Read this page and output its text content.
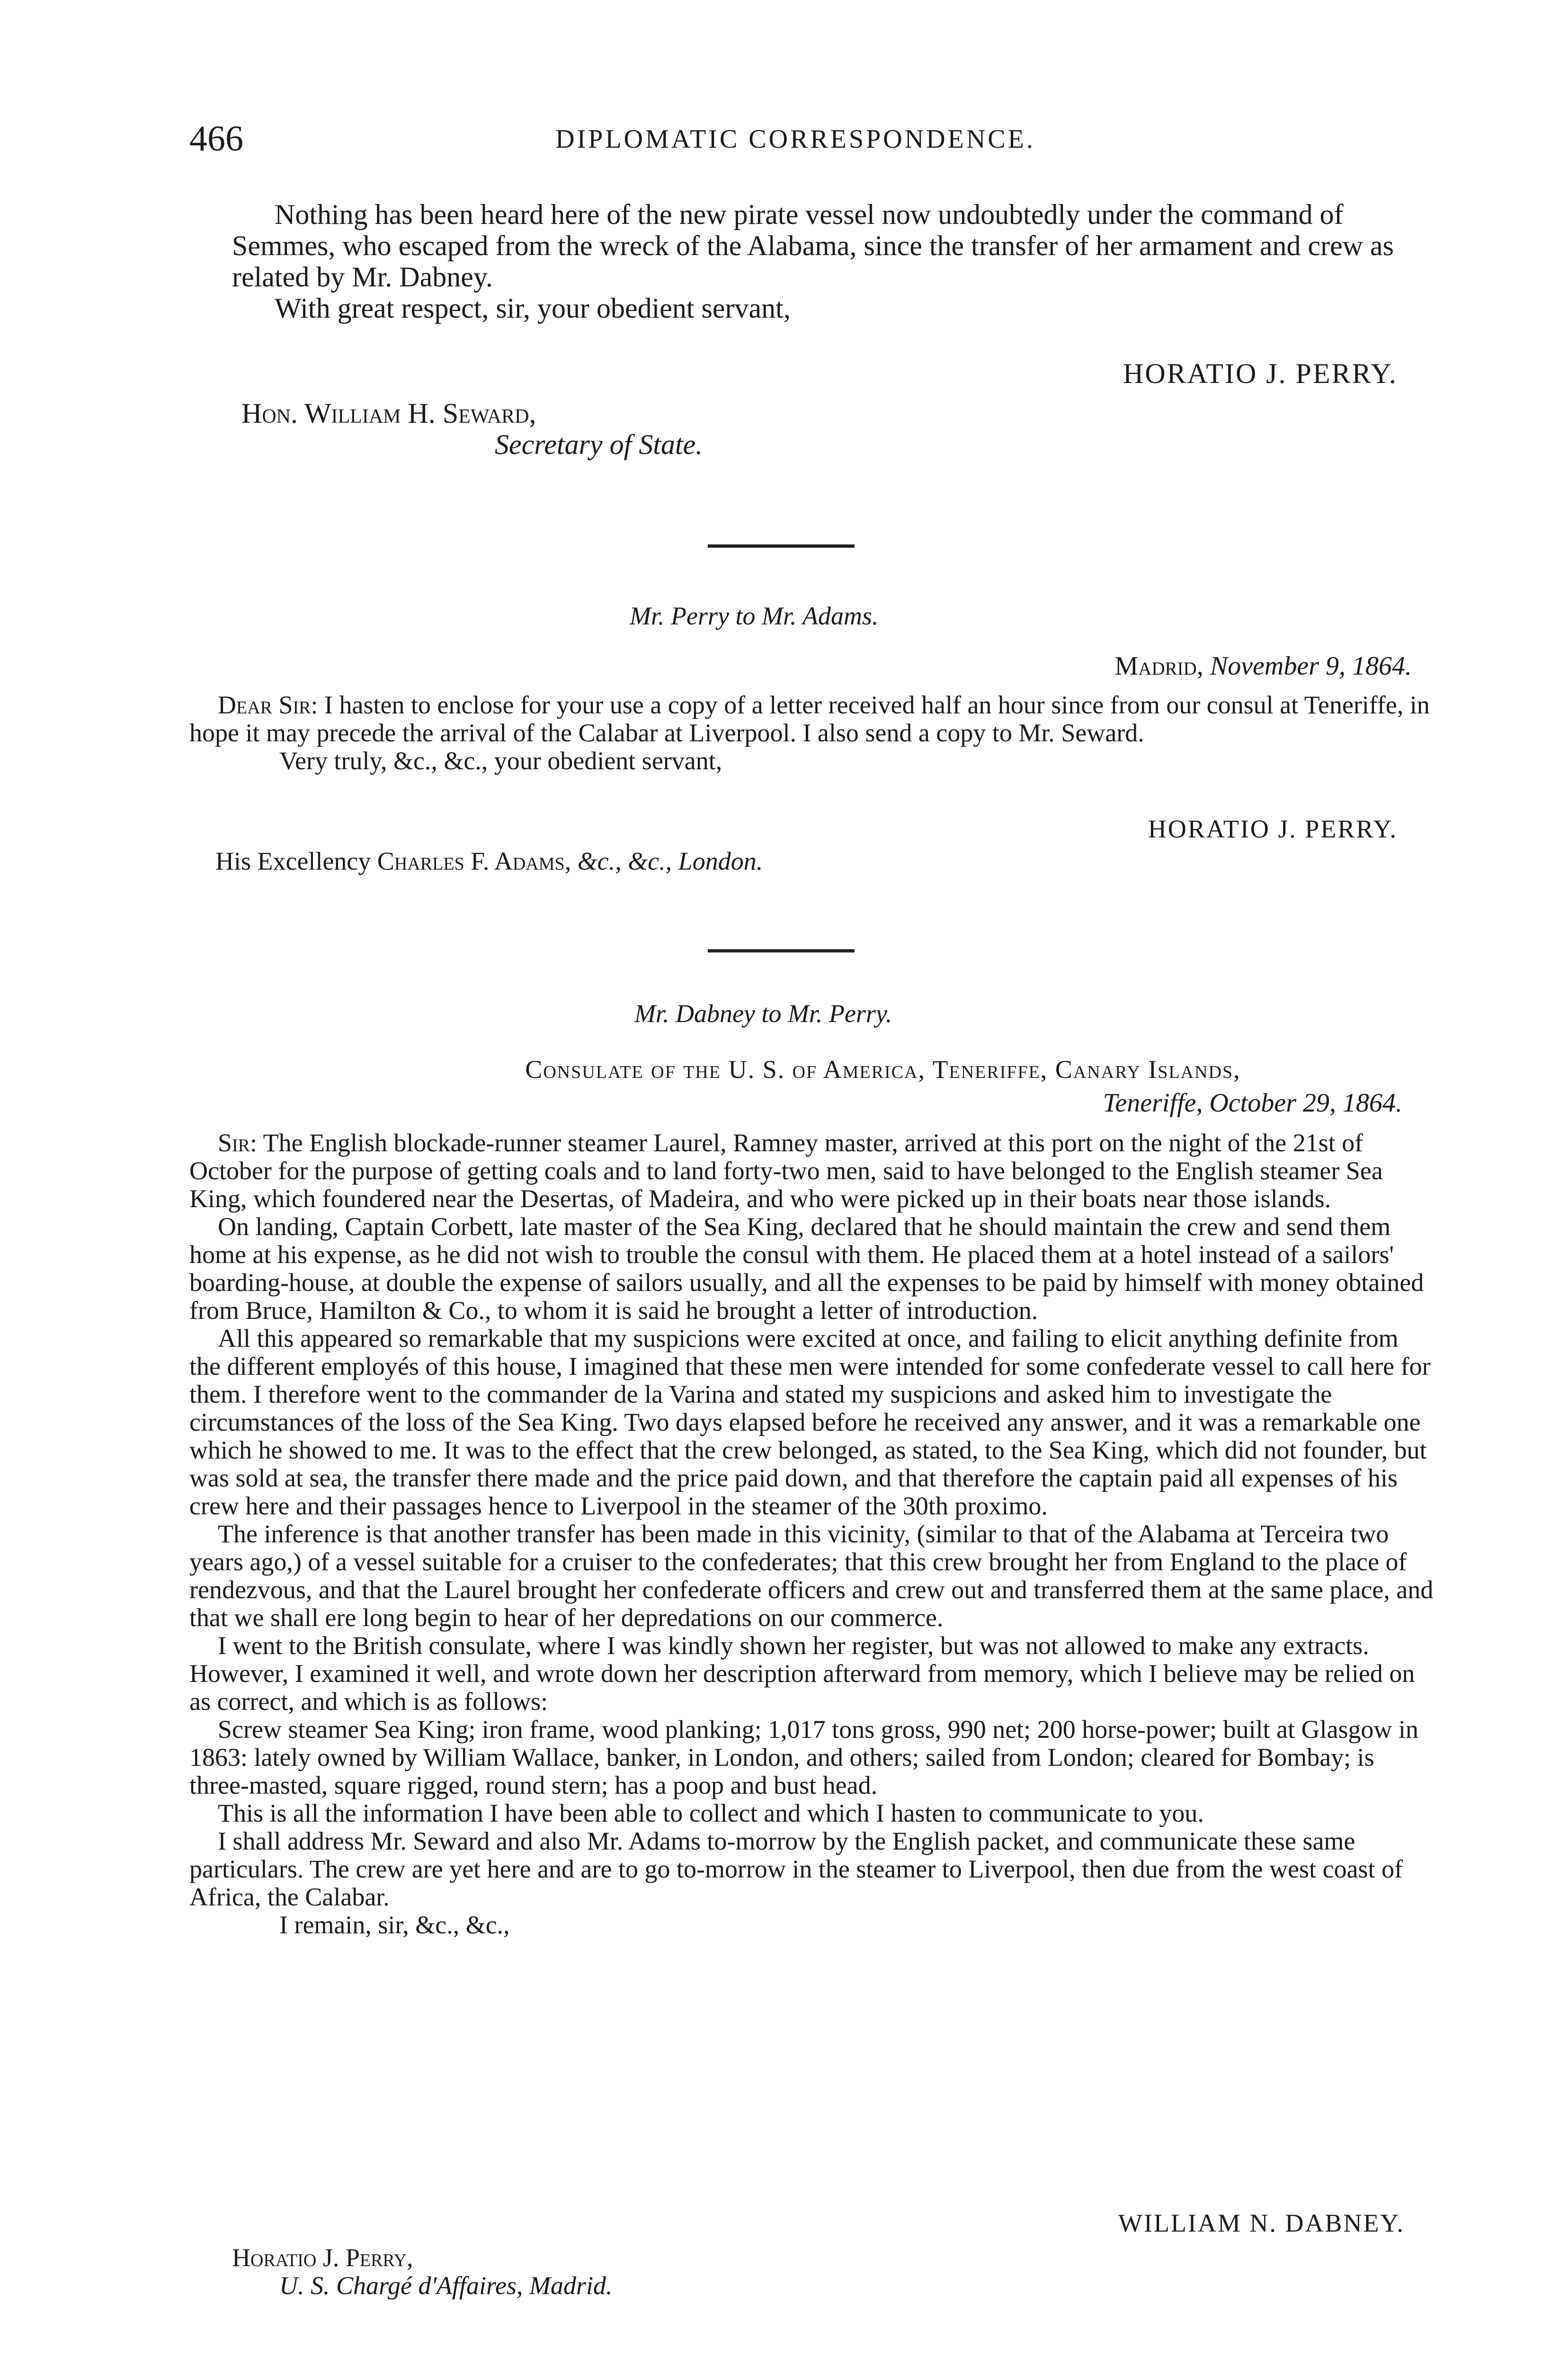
466	DIPLOMATIC CORRESPONDENCE.

Nothing has been heard here of the new pirate vessel now undoubtedly under the command of Semmes, who escaped from the wreck of the Alabama, since the transfer of her armament and crew as related by Mr. Dabney.

With great respect, sir, your obedient servant,

HORATIO J. PERRY.

Hon. William H. Seward,

Secretary of State.

Mr. Perry to Mr. Adams.
Madrid, November 9, 1864.

Dear Sir: I hasten to enclose for your use a copy of a letter received half an hour since from our consul at Teneriffe, in hope it may precede the arrival of the Calabar at Liverpool. I also send a copy to Mr. Seward.

Very truly, &c., &c., your obedient servant,

HORATIO J. PERRY.

His Excellency Charles F. Adams, &c., &c., London.

Mr. Dabney to Mr. Perry.
Consulate of the U. S. of America, Teneriffe, Canary Islands,
Teneriffe, October 29, 1864.

Sir: The English blockade-runner steamer Laurel, Ramney master, arrived at this port on the night of the 21st of October for the purpose of getting coals and to land forty-two men, said to have belonged to the English steamer Sea King, which foundered near the Desertas, of Madeira, and who were picked up in their boats near those islands.

On landing, Captain Corbett, late master of the Sea King, declared that he should maintain the crew and send them home at his expense, as he did not wish to trouble the consul with them. He placed them at a hotel instead of a sailors' boarding-house, at double the expense of sailors usually, and all the expenses to be paid by himself with money obtained from Bruce, Hamilton & Co., to whom it is said he brought a letter of introduction.

All this appeared so remarkable that my suspicions were excited at once, and failing to elicit anything definite from the different employés of this house, I imagined that these men were intended for some confederate vessel to call here for them. I therefore went to the commander de la Varina and stated my suspicions and asked him to investigate the circumstances of the loss of the Sea King. Two days elapsed before he received any answer, and it was a remarkable one which he showed to me. It was to the effect that the crew belonged, as stated, to the Sea King, which did not founder, but was sold at sea, the transfer there made and the price paid down, and that therefore the captain paid all expenses of his crew here and their passages hence to Liverpool in the steamer of the 30th proximo.

The inference is that another transfer has been made in this vicinity, (similar to that of the Alabama at Terceira two years ago,) of a vessel suitable for a cruiser to the confederates; that this crew brought her from England to the place of rendezvous, and that the Laurel brought her confederate officers and crew out and transferred them at the same place, and that we shall ere long begin to hear of her depredations on our commerce.

I went to the British consulate, where I was kindly shown her register, but was not allowed to make any extracts. However, I examined it well, and wrote down her description afterward from memory, which I believe may be relied on as correct, and which is as follows:

Screw steamer Sea King; iron frame, wood planking; 1,017 tons gross, 990 net; 200 horse-power; built at Glasgow in 1863: lately owned by William Wallace, banker, in London, and others; sailed from London; cleared for Bombay; is three-masted, square rigged, round stern; has a poop and bust head.

This is all the information I have been able to collect and which I hasten to communicate to you.

I shall address Mr. Seward and also Mr. Adams to-morrow by the English packet, and communicate these same particulars. The crew are yet here and are to go to-morrow in the steamer to Liverpool, then due from the west coast of Africa, the Calabar.

I remain, sir, &c., &c.,

WILLIAM N. DABNEY.

Horatio J. Perry,

U. S. Chargé d'Affaires, Madrid.
